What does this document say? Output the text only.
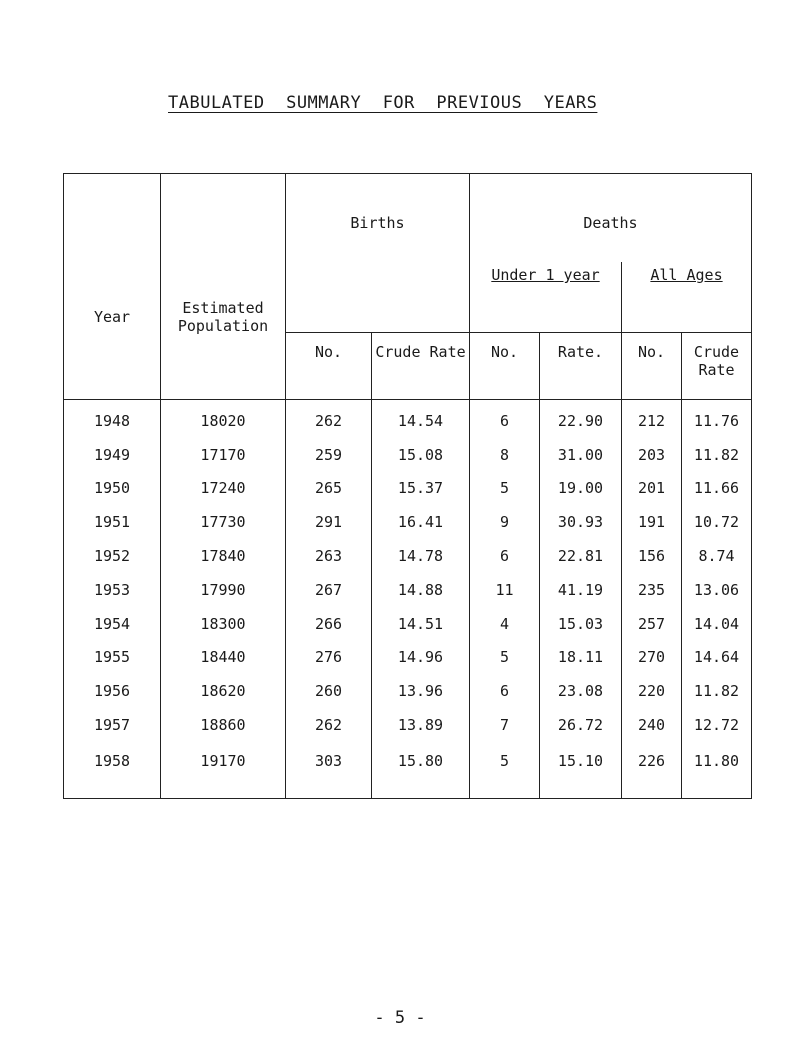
TABULATED  SUMMARY  FOR  PREVIOUS  YEARS
Year	Estimated Population	Births		Deaths			
				Under 1 year		All Ages	
		No.	Crude Rate	No.	Rate.	No.	Crude Rate
1948	18020	262	14.54	6	22.90	212	11.76
1949	17170	259	15.08	8	31.00	203	11.82
1950	17240	265	15.37	5	19.00	201	11.66
1951	17730	291	16.41	9	30.93	191	10.72
1952	17840	263	14.78	6	22.81	156	8.74
1953	17990	267	14.88	11	41.19	235	13.06
1954	18300	266	14.51	4	15.03	257	14.04
1955	18440	276	14.96	5	18.11	270	14.64
1956	18620	260	13.96	6	23.08	220	11.82
1957	18860	262	13.89	7	26.72	240	12.72
1958	19170	303	15.80	5	15.10	226	11.80
- 5 -
